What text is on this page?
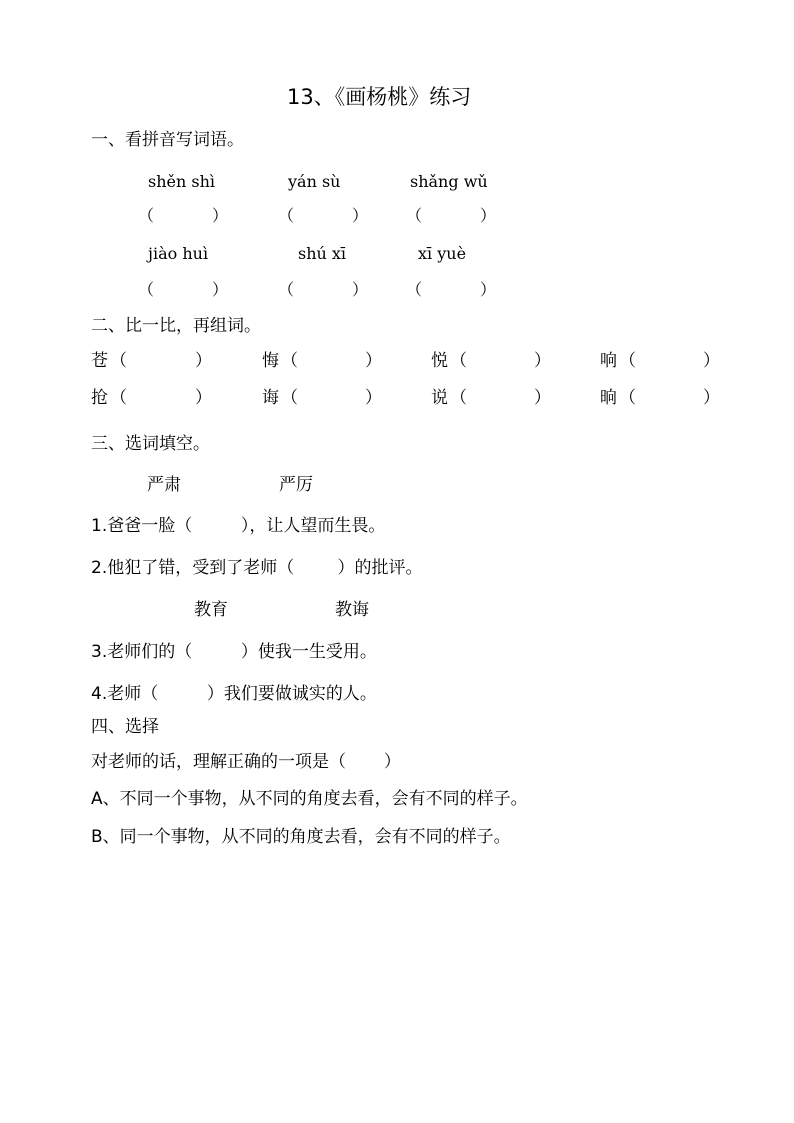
13、《画杨桃》练习
一、看拼音写词语。
shěn shì	yán sù	shǎng wǔ
（	）	（	） （	）
jiào huì	shú xī	xī yuè
（	）	（	） （	）
二、比一比，再组词。
苍 （	）	悔 （	）	悦 （	）	响 （	）
抢 （	）	诲 （	）	说 （	）	晌 （	）
三、选词填空。
严肃	严厉
1.爸爸一脸（         ），让人望而生畏。
2.他犯了错，受到了老师（        ）的批评。
教育	教诲
3.老师们的（         ）使我一生受用。
4.老师（         ）我们要做诚实的人。
四、选择
对老师的话，理解正确的一项是（       ）
A、不同一个事物，从不同的角度去看，会有不同的样子。
B、同一个事物，从不同的角度去看，会有不同的样子。
